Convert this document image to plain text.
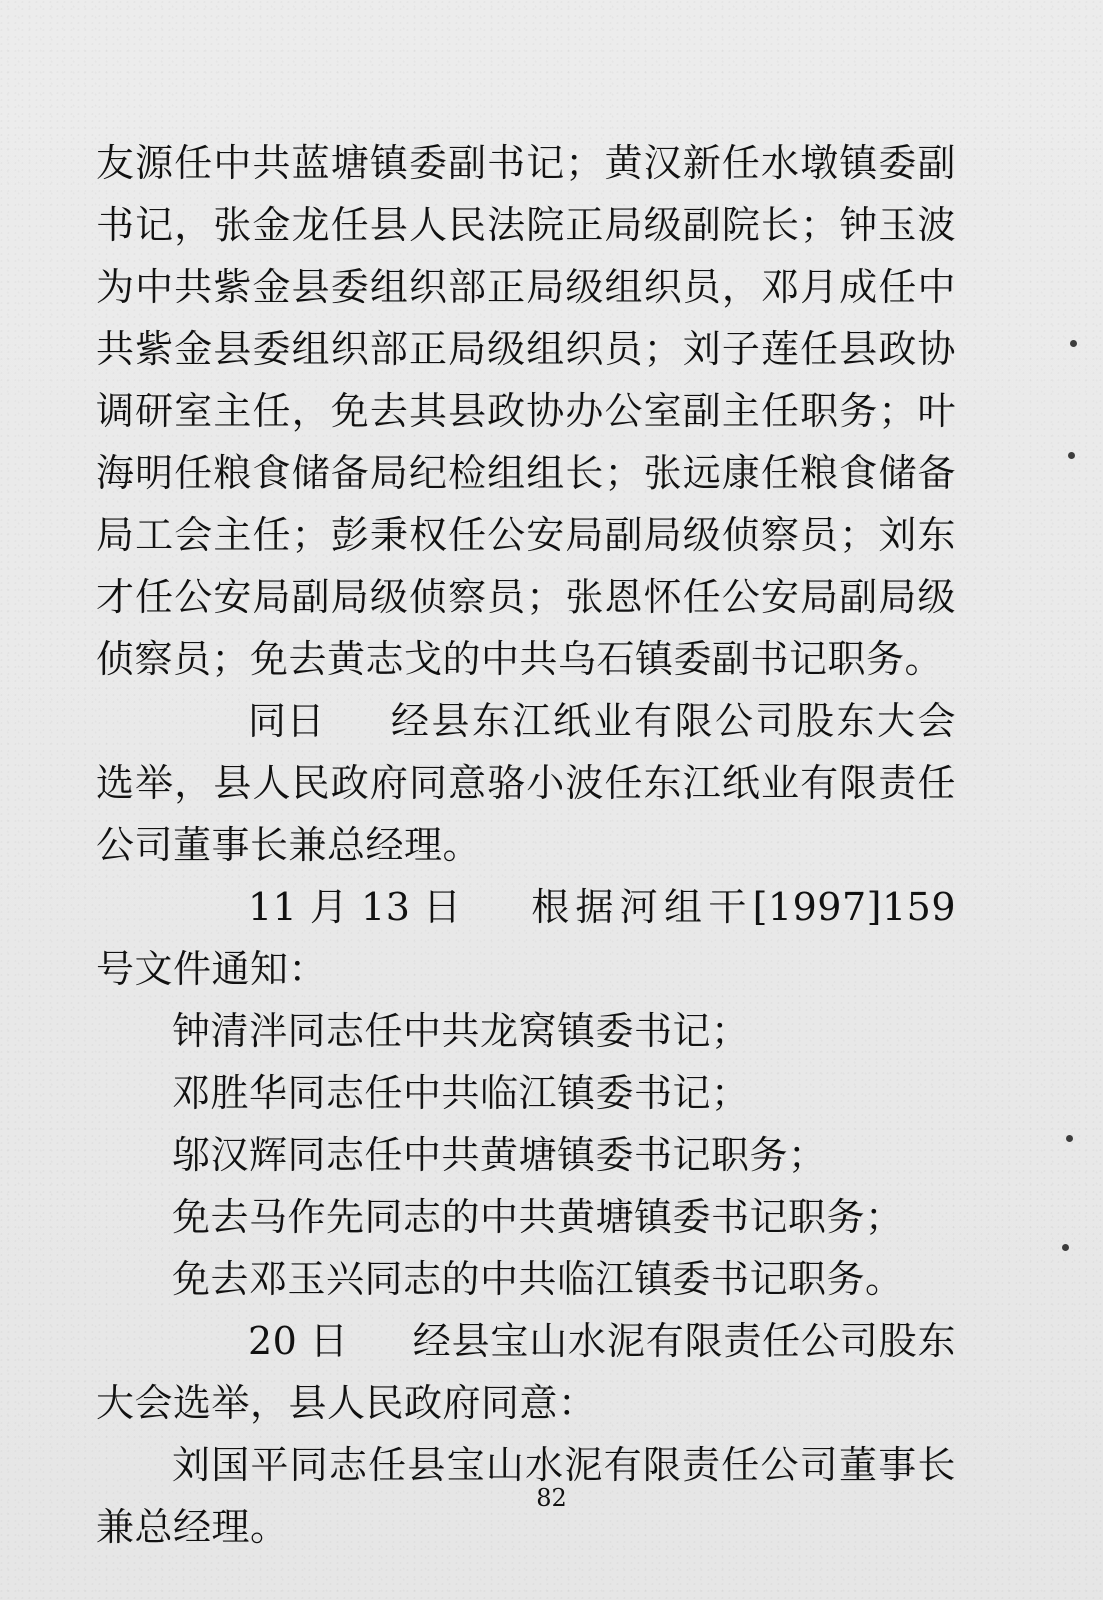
友源任中共蓝塘镇委副书记；黄汉新任水墩镇委副书记，张金龙任县人民法院正局级副院长；钟玉波为中共紫金县委组织部正局级组织员，邓月成任中共紫金县委组织部正局级组织员；刘子莲任县政协调研室主任，免去其县政协办公室副主任职务；叶海明任粮食储备局纪检组组长；张远康任粮食储备局工会主任；彭秉权任公安局副局级侦察员；刘东才任公安局副局级侦察员；张恩怀任公安局副局级侦察员；免去黄志戈的中共乌石镇委副书记职务。

同日 经县东江纸业有限公司股东大会选举，县人民政府同意骆小波任东江纸业有限责任公司董事长兼总经理。

11 月 13 日 根据河组干[1997]159 号文件通知：

钟清泮同志任中共龙窝镇委书记；

邓胜华同志任中共临江镇委书记；

邬汉辉同志任中共黄塘镇委书记职务；

免去马作先同志的中共黄塘镇委书记职务；

免去邓玉兴同志的中共临江镇委书记职务。

20 日 经县宝山水泥有限责任公司股东大会选举，县人民政府同意：

刘国平同志任县宝山水泥有限责任公司董事长兼总经理。

82
